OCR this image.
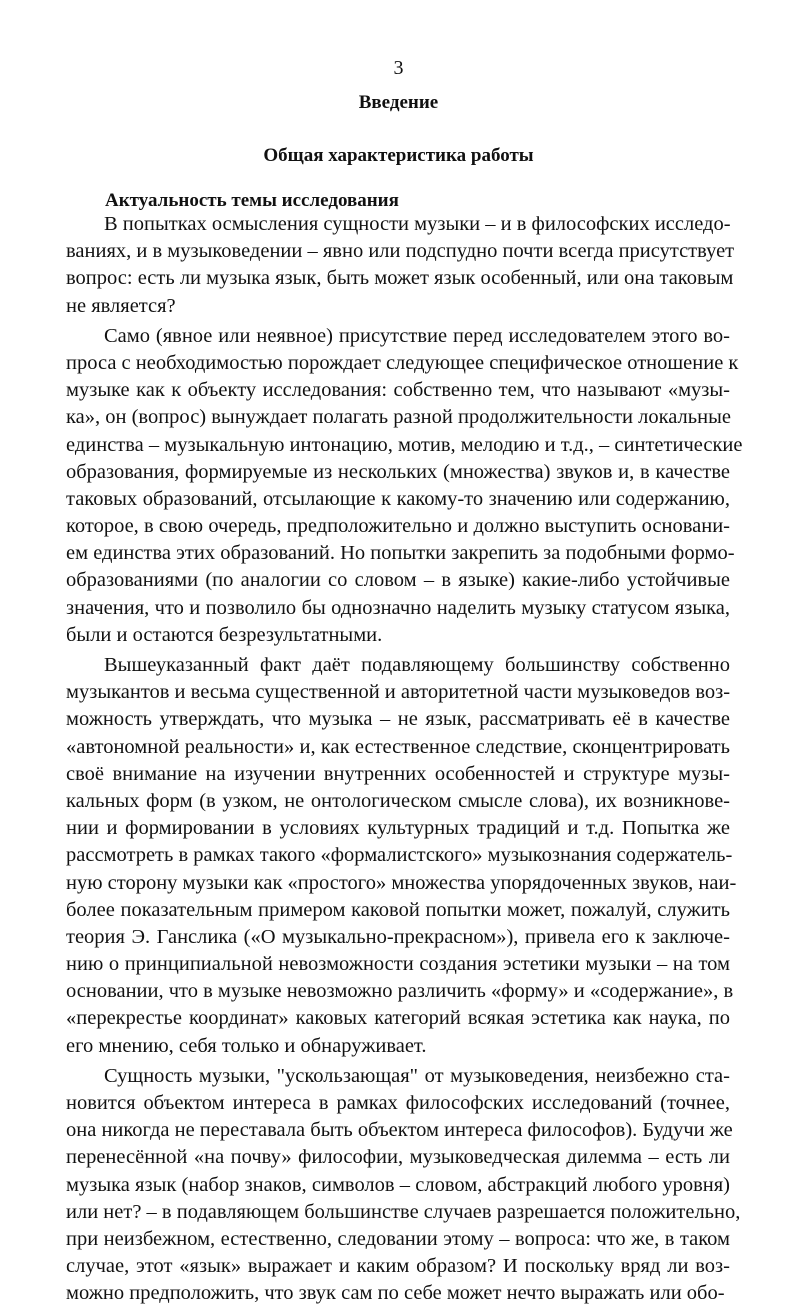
3
Введение
Общая характеристика работы
Актуальность темы исследования
В попытках осмысления сущности музыки – и в философских исследо-
ваниях, и в музыковедении – явно или подспудно почти всегда присутствует
вопрос: есть ли музыка язык, быть может язык особенный, или она таковым
не является?
Само (явное или неявное) присутствие перед исследователем этого во-
проса с необходимостью порождает следующее специфическое отношение к
музыке как к объекту исследования: собственно тем, что называют «музы-
ка», он (вопрос) вынуждает полагать разной продолжительности локальные
единства – музыкальную интонацию, мотив, мелодию и т.д., – синтетические
образования, формируемые из нескольких (множества) звуков и, в качестве
таковых образований, отсылающие к какому-то значению или содержанию,
которое, в свою очередь, предположительно и должно выступить основани-
ем единства этих образований. Но попытки закрепить за подобными формо-
образованиями (по аналогии со словом – в языке) какие-либо устойчивые
значения, что и позволило бы однозначно наделить музыку статусом языка,
были и остаются безрезультатными.
Вышеуказанный факт даёт подавляющему большинству собственно
музыкантов и весьма существенной и авторитетной части музыковедов воз-
можность утверждать, что музыка – не язык, рассматривать её в качестве
«автономной реальности» и, как естественное следствие, сконцентрировать
своё внимание на изучении внутренних особенностей и структуре музы-
кальных форм (в узком, не онтологическом смысле слова), их возникнове-
нии и формировании в условиях культурных традиций и т.д. Попытка же
рассмотреть в рамках такого «формалистского» музыкознания содержатель-
ную сторону музыки как «простого» множества упорядоченных звуков, наи-
более показательным примером каковой попытки может, пожалуй, служить
теория Э. Ганслика («О музыкально-прекрасном»), привела его к заключе-
нию о принципиальной невозможности создания эстетики музыки – на том
основании, что в музыке невозможно различить «форму» и «содержание», в
«перекрестье координат» каковых категорий всякая эстетика как наука, по
его мнению, себя только и обнаруживает.
Сущность музыки, "ускользающая" от музыковедения, неизбежно ста-
новится объектом интереса в рамках философских исследований (точнее,
она никогда не переставала быть объектом интереса философов). Будучи же
перенесённой «на почву» философии, музыковедческая дилемма – есть ли
музыка язык (набор знаков, символов – словом, абстракций любого уровня)
или нет? – в подавляющем большинстве случаев разрешается положительно,
при неизбежном, естественно, следовании этому – вопроса: что же, в таком
случае, этот «язык» выражает и каким образом? И поскольку вряд ли воз-
можно предположить, что звук сам по себе может нечто выражать или обо-
